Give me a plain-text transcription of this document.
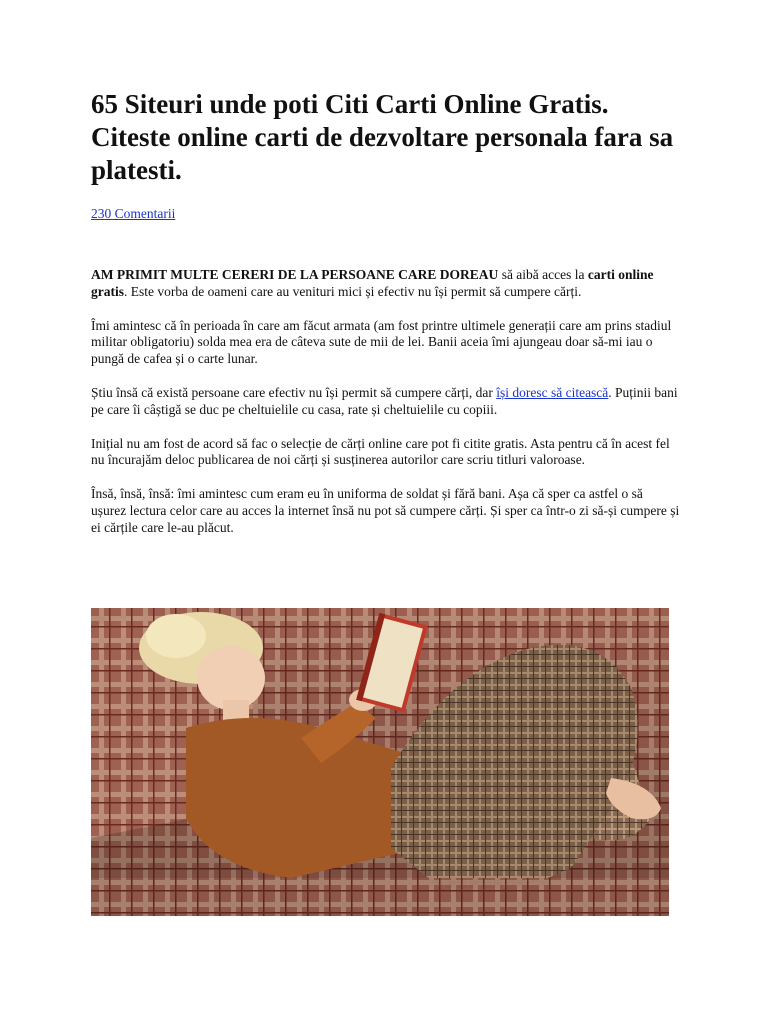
65 Siteuri unde poti Citi Carti Online Gratis. Citeste online carti de dezvoltare personala fara sa platesti.
230 Comentarii

AM PRIMIT MULTE CERERI DE LA PERSOANE CARE DOREAU să aibă acces la carti online gratis. Este vorba de oameni care au venituri mici și efectiv nu își permit să cumpere cărți.

Îmi amintesc că în perioada în care am făcut armata (am fost printre ultimele generații care am prins stadiul militar obligatoriu) solda mea era de câteva sute de mii de lei. Banii aceia îmi ajungeau doar să-mi iau o pungă de cafea și o carte lunar.

Știu însă că există persoane care efectiv nu își permit să cumpere cărți, dar își doresc să citească. Puținii bani pe care îi câștigă se duc pe cheltuielile cu casa, rate și cheltuielile cu copiii.

Inițial nu am fost de acord să fac o selecție de cărți online care pot fi citite gratis. Asta pentru că în acest fel nu încurajăm deloc publicarea de noi cărți și susținerea autorilor care scriu titluri valoroase.

Însă, însă, însă: îmi amintesc cum eram eu în uniforma de soldat și fără bani. Așa că sper ca astfel o să ușurez lectura celor care au acces la internet însă nu pot să cumpere cărți. Și sper ca într-o zi să-și cumpere și ei cărțile care le-au plăcut.
